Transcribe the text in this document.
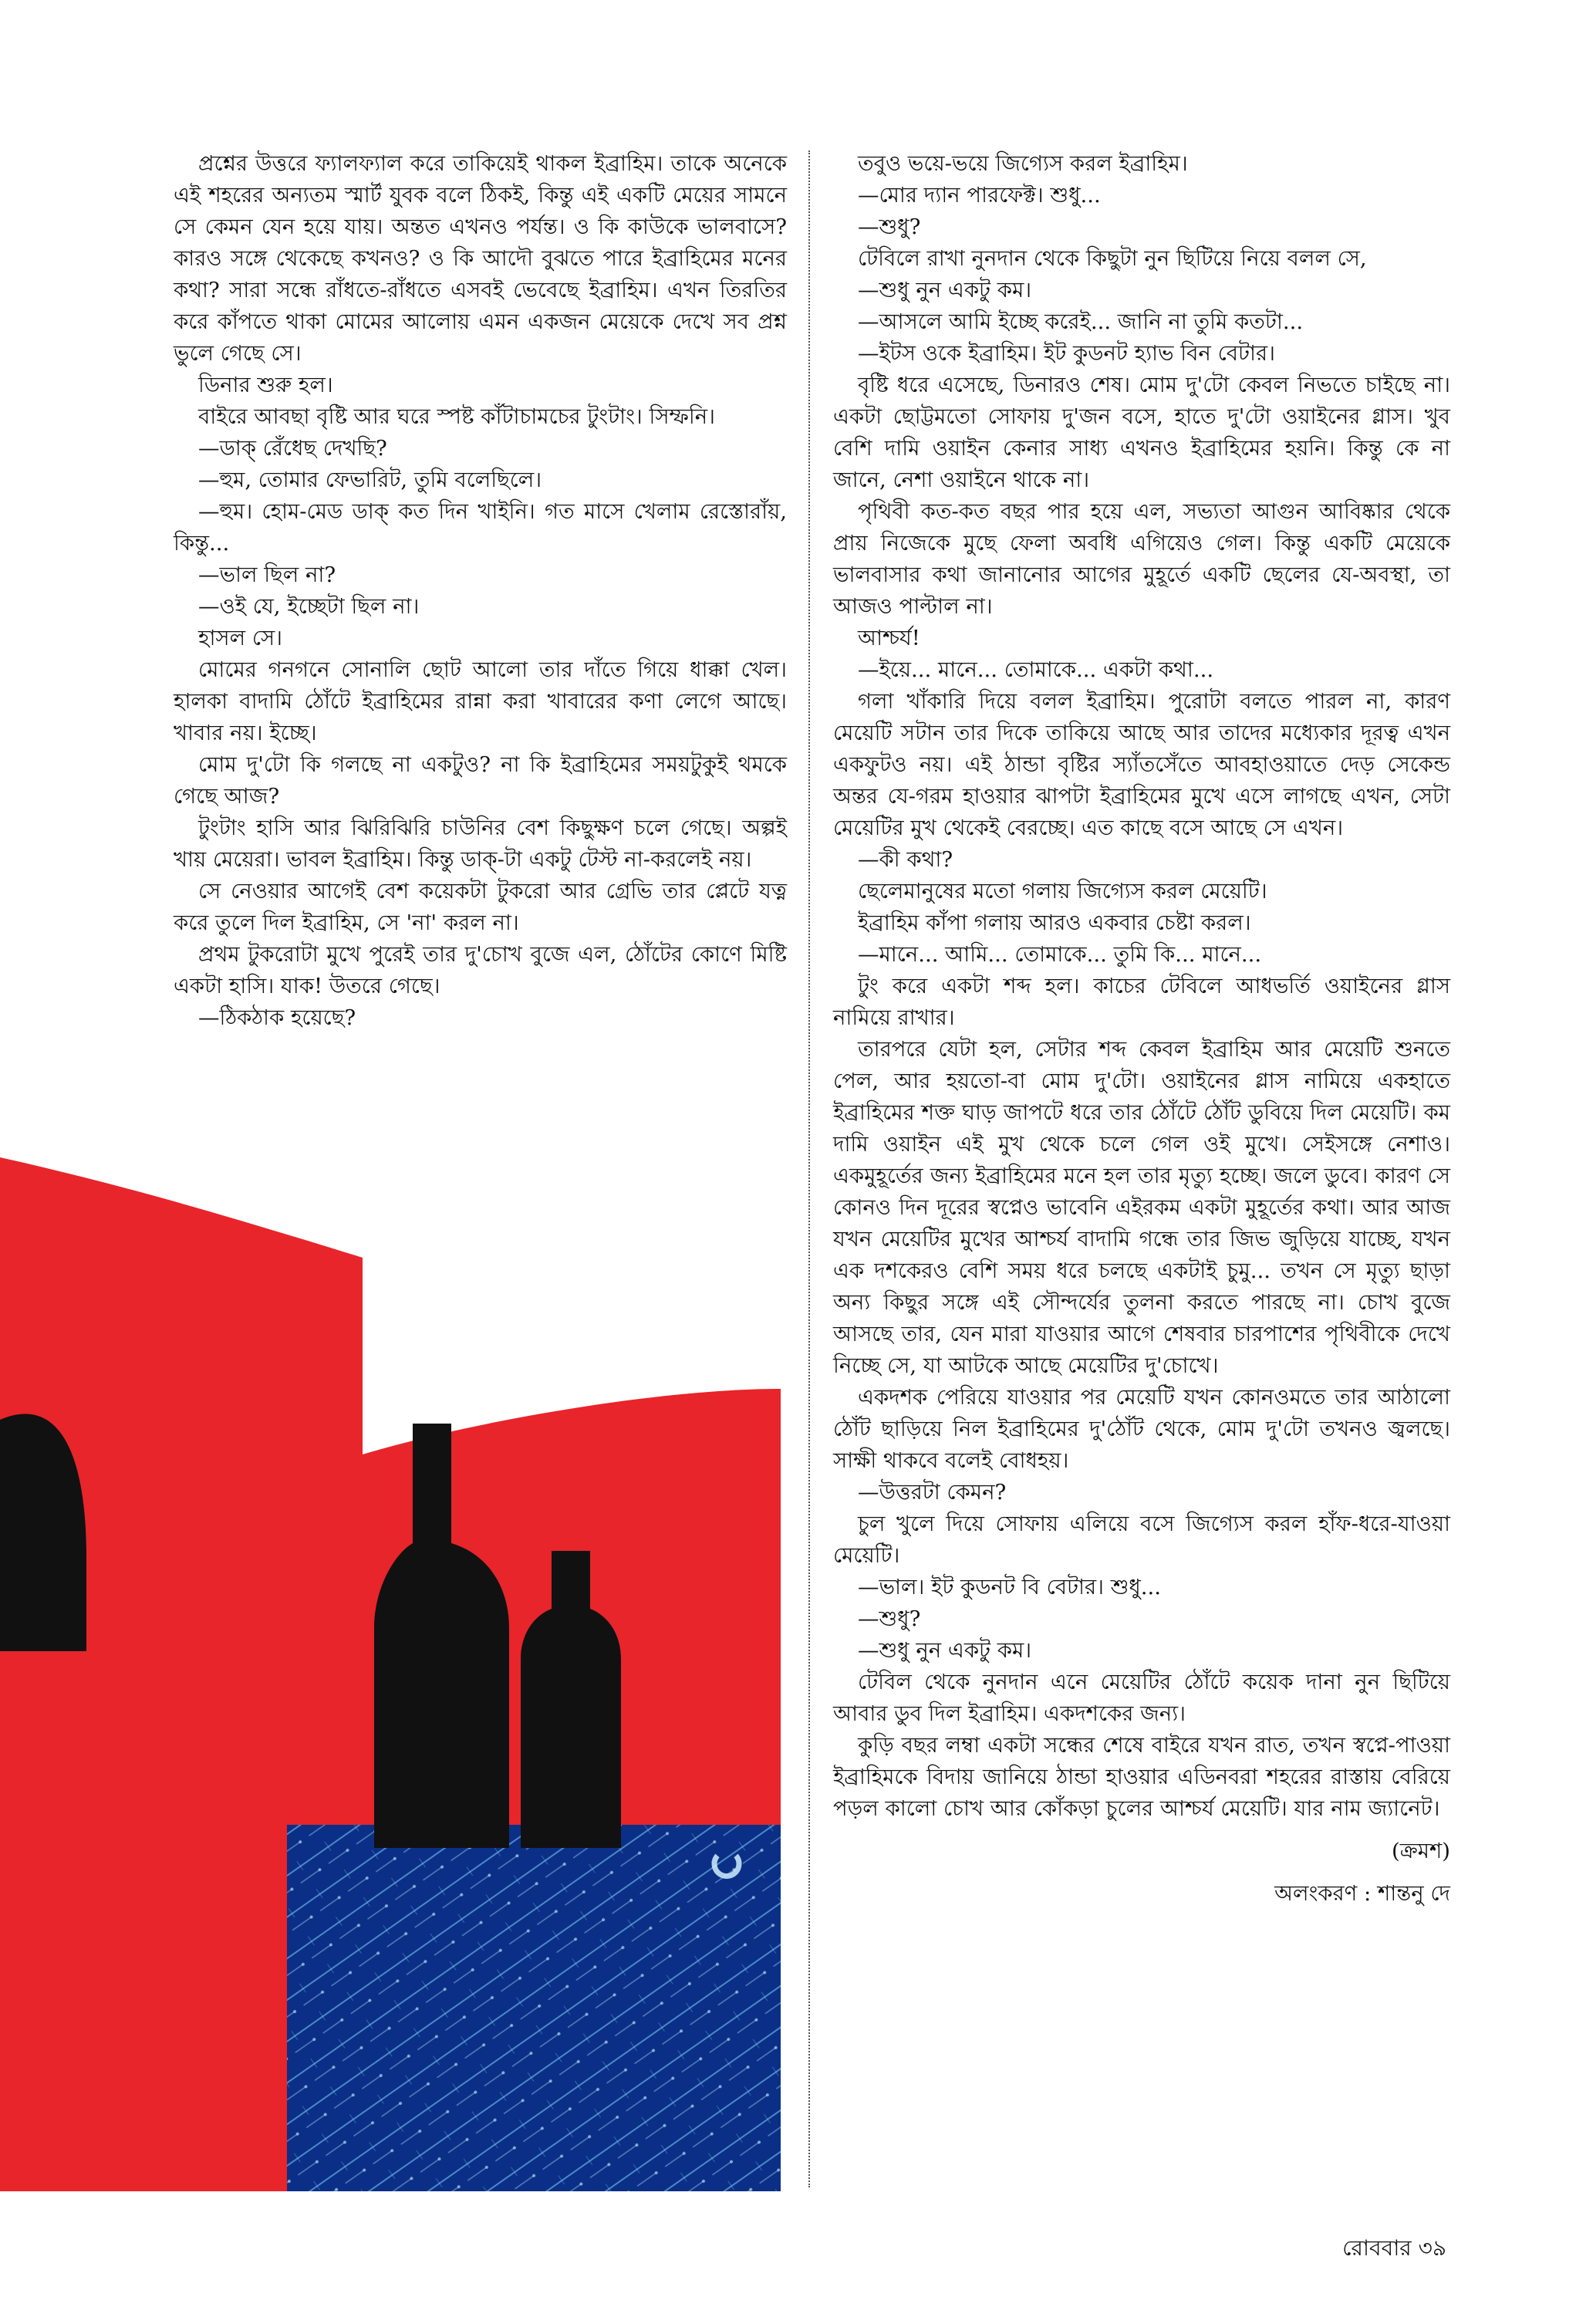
প্রশ্নের উত্তরে ফ্যালফ্যাল করে তাকিয়েই থাকল ইব্রাহিম। তাকে অনেকে এই শহরের অন্যতম স্মার্ট যুবক বলে ঠিকই, কিন্তু এই একটি মেয়ের সামনে সে কেমন যেন হয়ে যায়। অন্তত এখনও পর্যন্ত। ও কি কাউকে ভালবাসে? কারও সঙ্গে থেকেছে কখনও? ও কি আদৌ বুঝতে পারে ইব্রাহিমের মনের কথা? সারা সন্ধে রাঁধতে-রাঁধতে এসবই ভেবেছে ইব্রাহিম। এখন তিরতির করে কাঁপতে থাকা মোমের আলোয় এমন একজন মেয়েকে দেখে সব প্রশ্ন ভুলে গেছে সে।

ডিনার শুরু হল।

বাইরে আবছা বৃষ্টি আর ঘরে স্পষ্ট কাঁটাচামচের টুংটাং। সিম্ফনি।

—ডাক্‌ রেঁধেছ দেখছি?

—হুম, তোমার ফেভারিট, তুমি বলেছিলে।

—হুম। হোম-মেড ডাক্‌ কত দিন খাইনি। গত মাসে খেলাম রেস্তোরাঁয়, কিন্তু...

—ভাল ছিল না?

—ওই যে, ইচ্ছেটা ছিল না।

হাসল সে।

মোমের গনগনে সোনালি ছোট আলো তার দাঁতে গিয়ে ধাক্কা খেল। হালকা বাদামি ঠোঁটে ইব্রাহিমের রান্না করা খাবারের কণা লেগে আছে। খাবার নয়। ইচ্ছে।

মোম দু'টো কি গলছে না একটুও? না কি ইব্রাহিমের সময়টুকুই থমকে গেছে আজ?

টুংটাং হাসি আর ঝিরিঝিরি চাউনির বেশ কিছুক্ষণ চলে গেছে। অল্পই খায় মেয়েরা। ভাবল ইব্রাহিম। কিন্তু ডাক্‌-টা একটু টেস্ট না-করলেই নয়।

সে নেওয়ার আগেই বেশ কয়েকটা টুকরো আর গ্রেভি তার প্লেটে যত্ন করে তুলে দিল ইব্রাহিম, সে 'না' করল না।

প্রথম টুকরোটা মুখে পুরেই তার দু'চোখ বুজে এল, ঠোঁটের কোণে মিষ্টি একটা হাসি। যাক! উতরে গেছে।

—ঠিকঠাক হয়েছে?

তবুও ভয়ে-ভয়ে জিগ্যেস করল ইব্রাহিম।

—মোর দ্যান পারফেক্ট। শুধু...

—শুধু?

টেবিলে রাখা নুনদান থেকে কিছুটা নুন ছিটিয়ে নিয়ে বলল সে,

—শুধু নুন একটু কম।

—আসলে আমি ইচ্ছে করেই... জানি না তুমি কতটা...

—ইটস ওকে ইব্রাহিম। ইট কুডনট হ্যাভ বিন বেটার।

বৃষ্টি ধরে এসেছে, ডিনারও শেষ। মোম দু'টো কেবল নিভতে চাইছে না। একটা ছোট্টমতো সোফায় দু'জন বসে, হাতে দু'টো ওয়াইনের গ্লাস। খুব বেশি দামি ওয়াইন কেনার সাধ্য এখনও ইব্রাহিমের হয়নি। কিন্তু কে না জানে, নেশা ওয়াইনে থাকে না।

পৃথিবী কত-কত বছর পার হয়ে এল, সভ্যতা আগুন আবিষ্কার থেকে প্রায় নিজেকে মুছে ফেলা অবধি এগিয়েও গেল। কিন্তু একটি মেয়েকে ভালবাসার কথা জানানোর আগের মুহূর্তে একটি ছেলের যে-অবস্থা, তা আজও পাল্টাল না।

আশ্চর্য!

—ইয়ে... মানে... তোমাকে... একটা কথা...

গলা খাঁকারি দিয়ে বলল ইব্রাহিম। পুরোটা বলতে পারল না, কারণ মেয়েটি সটান তার দিকে তাকিয়ে আছে আর তাদের মধ্যেকার দূরত্ব এখন একফুটও নয়। এই ঠান্ডা বৃষ্টির স্যাঁতসেঁতে আবহাওয়াতে দেড় সেকেন্ড অন্তর যে-গরম হাওয়ার ঝাপটা ইব্রাহিমের মুখে এসে লাগছে এখন, সেটা মেয়েটির মুখ থেকেই বেরচ্ছে। এত কাছে বসে আছে সে এখন।

—কী কথা?

ছেলেমানুষের মতো গলায় জিগ্যেস করল মেয়েটি।

ইব্রাহিম কাঁপা গলায় আরও একবার চেষ্টা করল।

—মানে... আমি... তোমাকে... তুমি কি... মানে...

টুং করে একটা শব্দ হল। কাচের টেবিলে আধভর্তি ওয়াইনের গ্লাস নামিয়ে রাখার।

তারপরে যেটা হল, সেটার শব্দ কেবল ইব্রাহিম আর মেয়েটি শুনতে পেল, আর হয়তো-বা মোম দু'টো। ওয়াইনের গ্লাস নামিয়ে একহাতে ইব্রাহিমের শক্ত ঘাড় জাপটে ধরে তার ঠোঁটে ঠোঁট ডুবিয়ে দিল মেয়েটি। কম দামি ওয়াইন এই মুখ থেকে চলে গেল ওই মুখে। সেইসঙ্গে নেশাও। একমুহূর্তের জন্য ইব্রাহিমের মনে হল তার মৃত্যু হচ্ছে। জলে ডুবে। কারণ সে কোনও দিন দূরের স্বপ্নেও ভাবেনি এইরকম একটা মুহূর্তের কথা। আর আজ যখন মেয়েটির মুখের আশ্চর্য বাদামি গন্ধে তার জিভ জুড়িয়ে যাচ্ছে, যখন এক দশকেরও বেশি সময় ধরে চলছে একটাই চুমু... তখন সে মৃত্যু ছাড়া অন্য কিছুর সঙ্গে এই সৌন্দর্যের তুলনা করতে পারছে না। চোখ বুজে আসছে তার, যেন মারা যাওয়ার আগে শেষবার চারপাশের পৃথিবীকে দেখে নিচ্ছে সে, যা আটকে আছে মেয়েটির দু'চোখে।

একদশক পেরিয়ে যাওয়ার পর মেয়েটি যখন কোনওমতে তার আঠালো ঠোঁট ছাড়িয়ে নিল ইব্রাহিমের দু'ঠোঁট থেকে, মোম দু'টো তখনও জ্বলছে। সাক্ষী থাকবে বলেই বোধহয়।

—উত্তরটা কেমন?

চুল খুলে দিয়ে সোফায় এলিয়ে বসে জিগ্যেস করল হাঁফ-ধরে-যাওয়া মেয়েটি।

—ভাল। ইট কুডনট বি বেটার। শুধু...

—শুধু?

—শুধু নুন একটু কম।

টেবিল থেকে নুনদান এনে মেয়েটির ঠোঁটে কয়েক দানা নুন ছিটিয়ে আবার ডুব দিল ইব্রাহিম। একদশকের জন্য।

কুড়ি বছর লম্বা একটা সন্ধের শেষে বাইরে যখন রাত, তখন স্বপ্নে-পাওয়া ইব্রাহিমকে বিদায় জানিয়ে ঠান্ডা হাওয়ার এডিনবরা শহরের রাস্তায় বেরিয়ে পড়ল কালো চোখ আর কোঁকড়া চুলের আশ্চর্য মেয়েটি। যার নাম জ্যানেট।

(ক্রমশ)
অলংকরণ : শান্তনু দে
রোববার ৩৯
